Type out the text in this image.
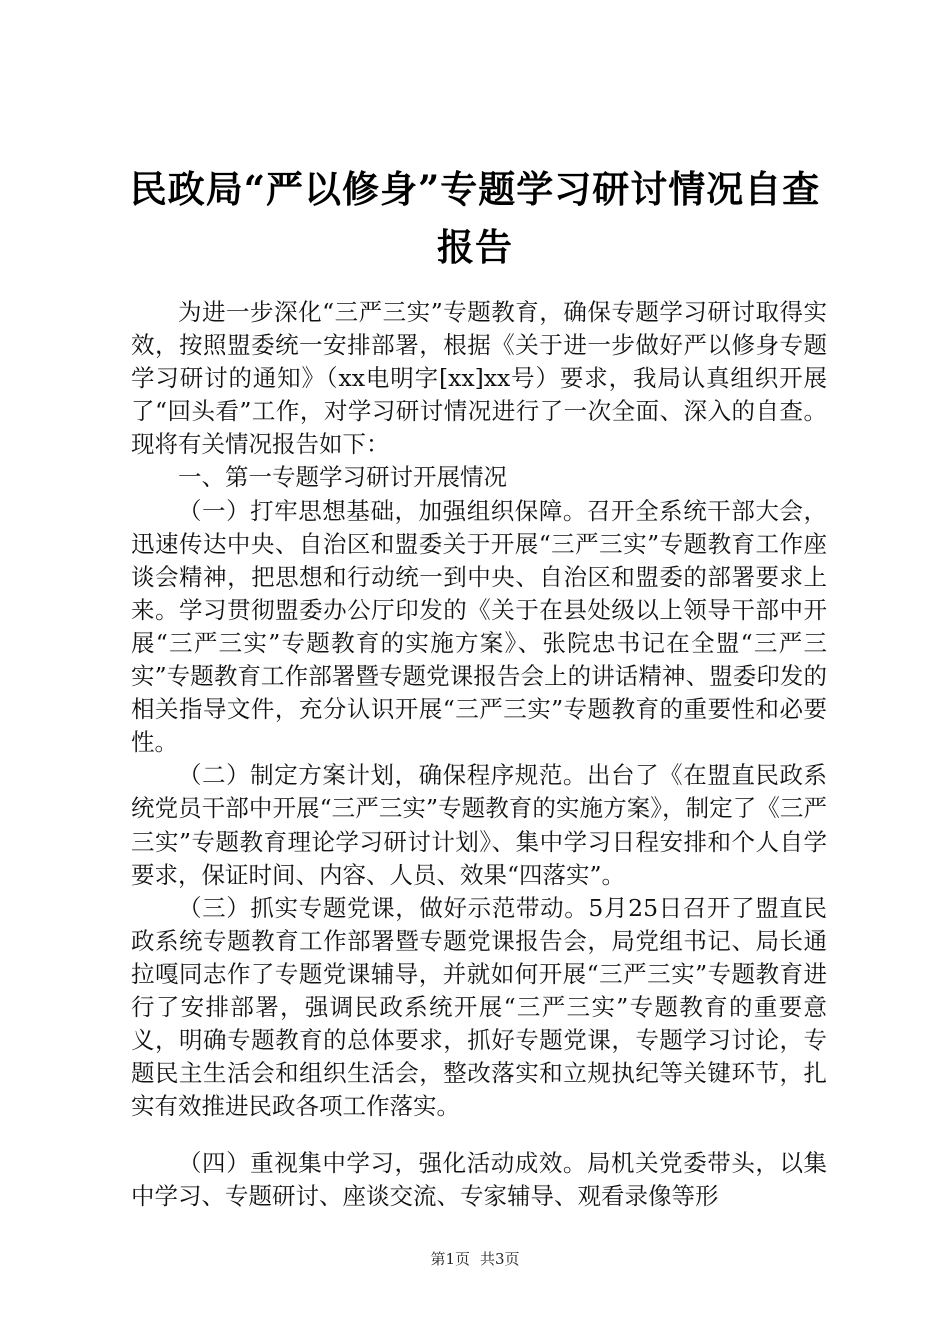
民政局“严以修身”专题学习研讨情况自查报告

为进一步深化“三严三实”专题教育，确保专题学习研讨取得实效，按照盟委统一安排部署，根据《关于进一步做好严以修身专题学习研讨的通知》（xx电明字[xx]xx号）要求，我局认真组织开展了“回头看”工作，对学习研讨情况进行了一次全面、深入的自查。现将有关情况报告如下：

一、第一专题学习研讨开展情况

（一）打牢思想基础，加强组织保障。召开全系统干部大会，迅速传达中央、自治区和盟委关于开展“三严三实”专题教育工作座谈会精神，把思想和行动统一到中央、自治区和盟委的部署要求上来。学习贯彻盟委办公厅印发的《关于在县处级以上领导干部中开展“三严三实”专题教育的实施方案》、张院忠书记在全盟“三严三实”专题教育工作部署暨专题党课报告会上的讲话精神、盟委印发的相关指导文件，充分认识开展“三严三实”专题教育的重要性和必要性。

（二）制定方案计划，确保程序规范。出台了《在盟直民政系统党员干部中开展“三严三实”专题教育的实施方案》，制定了《三严三实”专题教育理论学习研讨计划》、集中学习日程安排和个人自学要求，保证时间、内容、人员、效果“四落实”。

（三）抓实专题党课，做好示范带动。5月25日召开了盟直民政系统专题教育工作部署暨专题党课报告会，局党组书记、局长通拉嘎同志作了专题党课辅导，并就如何开展“三严三实”专题教育进行了安排部署，强调民政系统开展“三严三实”专题教育的重要意义，明确专题教育的总体要求，抓好专题党课，专题学习讨论，专题民主生活会和组织生活会，整改落实和立规执纪等关键环节，扎实有效推进民政各项工作落实。

（四）重视集中学习，强化活动成效。局机关党委带头，以集中学习、专题研讨、座谈交流、专家辅导、观看录像等形

第1页 共3页
